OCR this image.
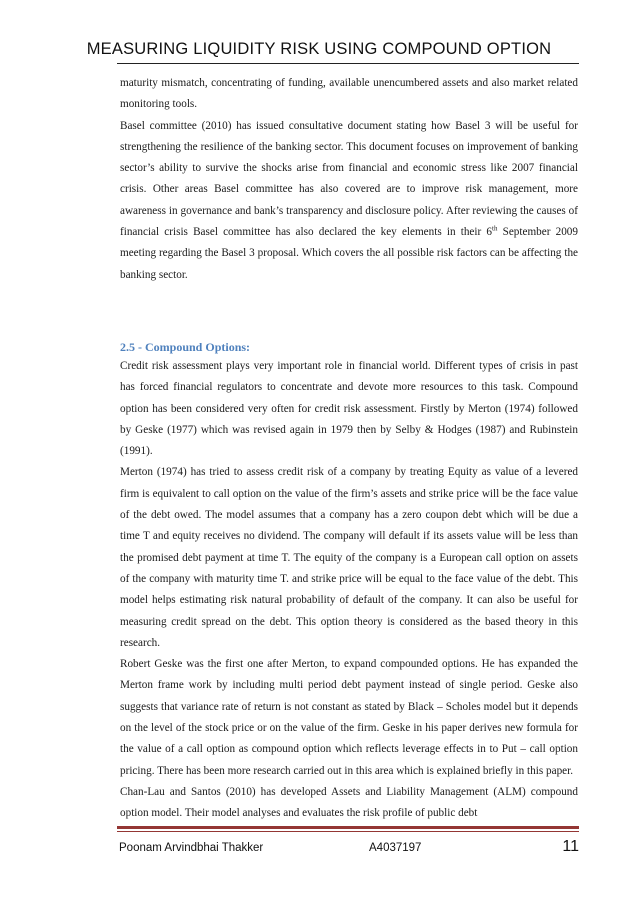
MEASURING LIQUIDITY RISK USING COMPOUND OPTION

maturity mismatch, concentrating of funding, available unencumbered assets and also market related monitoring tools.

Basel committee (2010) has issued consultative document stating how Basel 3 will be useful for strengthening the resilience of the banking sector. This document focuses on improvement of banking sector’s ability to survive the shocks arise from financial and economic stress like 2007 financial crisis. Other areas Basel committee has also covered are to improve risk management, more awareness in governance and bank’s transparency and disclosure policy. After reviewing the causes of financial crisis Basel committee has also declared the key elements in their 6th September 2009 meeting regarding the Basel 3 proposal. Which covers the all possible risk factors can be affecting the banking sector.

2.5 - Compound Options:

Credit risk assessment plays very important role in financial world. Different types of crisis in past has forced financial regulators to concentrate and devote more resources to this task. Compound option has been considered very often for credit risk assessment. Firstly by Merton (1974) followed by Geske (1977) which was revised again in 1979 then by Selby & Hodges (1987) and Rubinstein (1991).

Merton (1974) has tried to assess credit risk of a company by treating Equity as value of a levered firm is equivalent to call option on the value of the firm’s assets and strike price will be the face value of the debt owed. The model assumes that a company has a zero coupon debt which will be due a time T and equity receives no dividend. The company will default if its assets value will be less than the promised debt payment at time T. The equity of the company is a European call option on assets of the company with maturity time T. and strike price will be equal to the face value of the debt. This model helps estimating risk natural probability of default of the company. It can also be useful for measuring credit spread on the debt. This option theory is considered as the based theory in this research.

Robert Geske was the first one after Merton, to expand compounded options. He has expanded the Merton frame work by including multi period debt payment instead of single period. Geske also suggests that variance rate of return is not constant as stated by Black – Scholes model but it depends on the level of the stock price or on the value of the firm. Geske in his paper derives new formula for the value of a call option as compound option which reflects leverage effects in to Put – call option pricing. There has been more research carried out in this area which is explained briefly in this paper.

Chan-Lau and Santos (2010) has developed Assets and Liability Management (ALM) compound option model. Their model analyses and evaluates the risk profile of public debt

Poonam Arvindbhai Thakker	A4037197	11
